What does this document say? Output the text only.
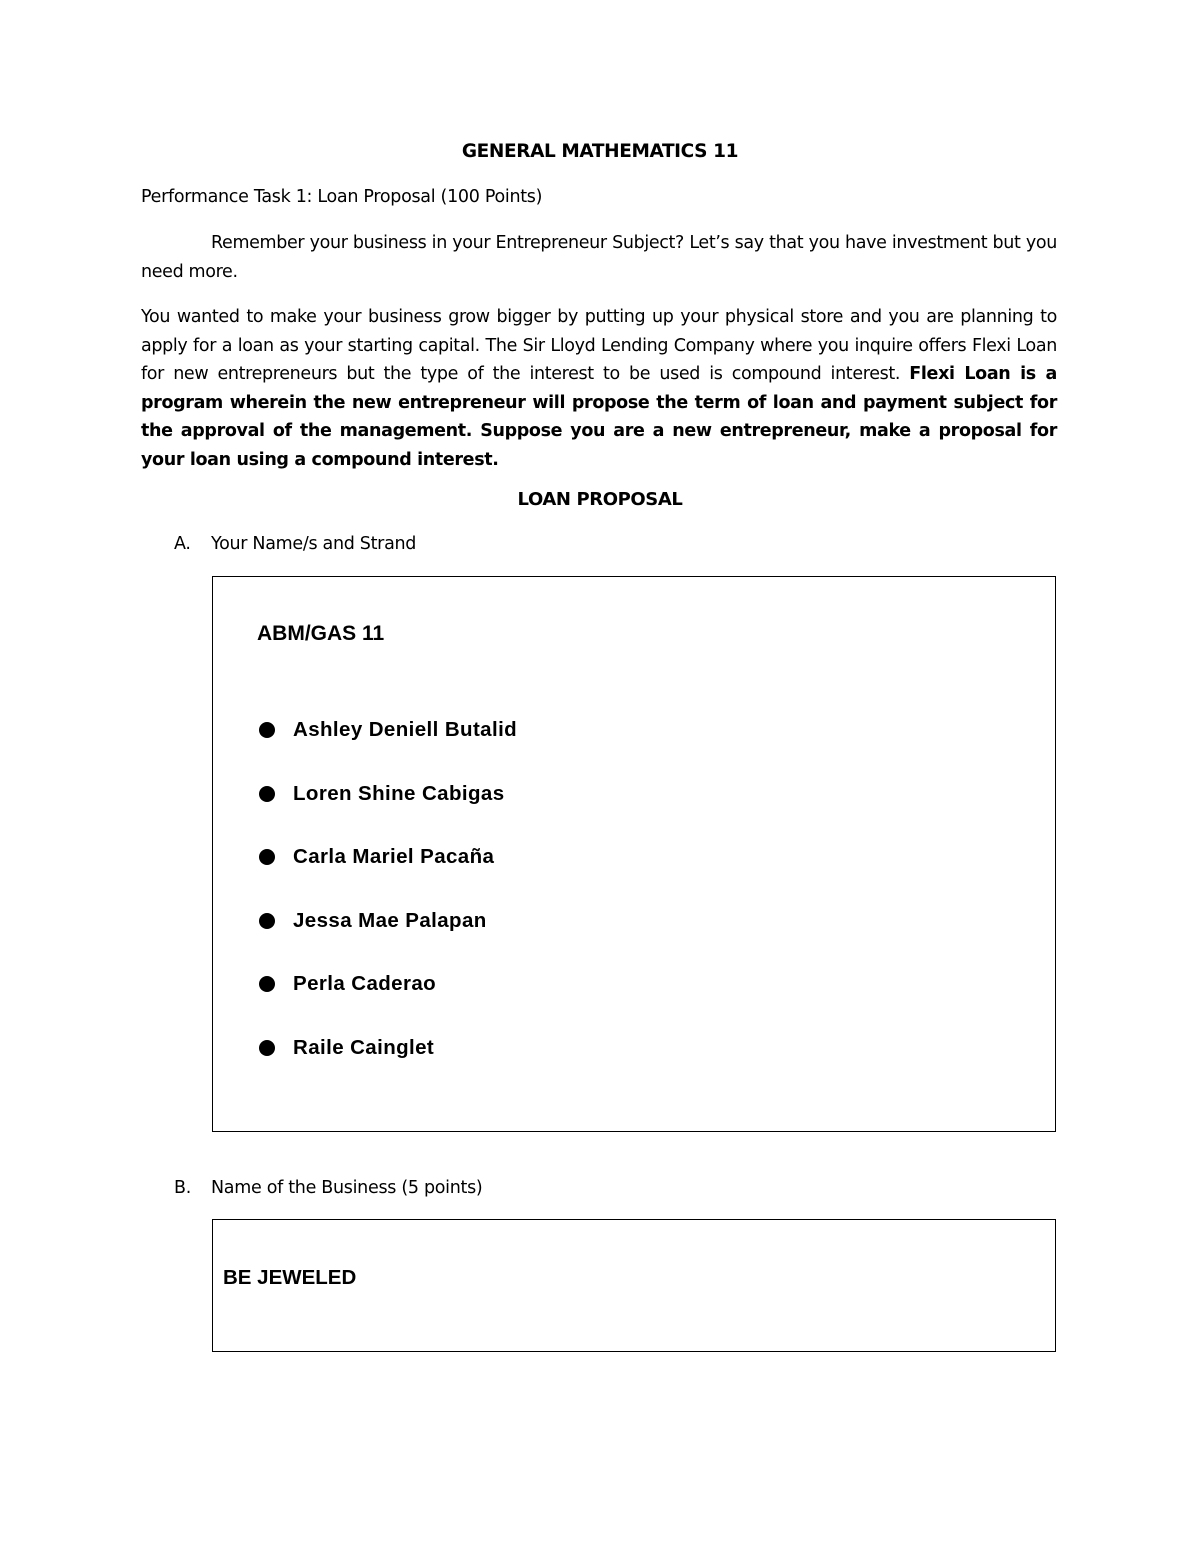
GENERAL MATHEMATICS 11
Performance Task 1: Loan Proposal (100 Points)
Remember your business in your Entrepreneur Subject? Let’s say that you have investment but you need more.
You wanted to make your business grow bigger by putting up your physical store and you are planning to apply for a loan as your starting capital. The Sir Lloyd Lending Company where you inquire offers Flexi Loan for new entrepreneurs but the type of the interest to be used is compound interest. Flexi Loan is a program wherein the new entrepreneur will propose the term of loan and payment subject for the approval of the management. Suppose you are a new entrepreneur, make a proposal for your loan using a compound interest.
LOAN PROPOSAL
A. Your Name/s and Strand
ABM/GAS 11
Ashley Deniell Butalid
Loren Shine Cabigas
Carla Mariel Pacaña
Jessa Mae Palapan
Perla Caderao
Raile Cainglet
B. Name of the Business (5 points)
BE JEWELED
